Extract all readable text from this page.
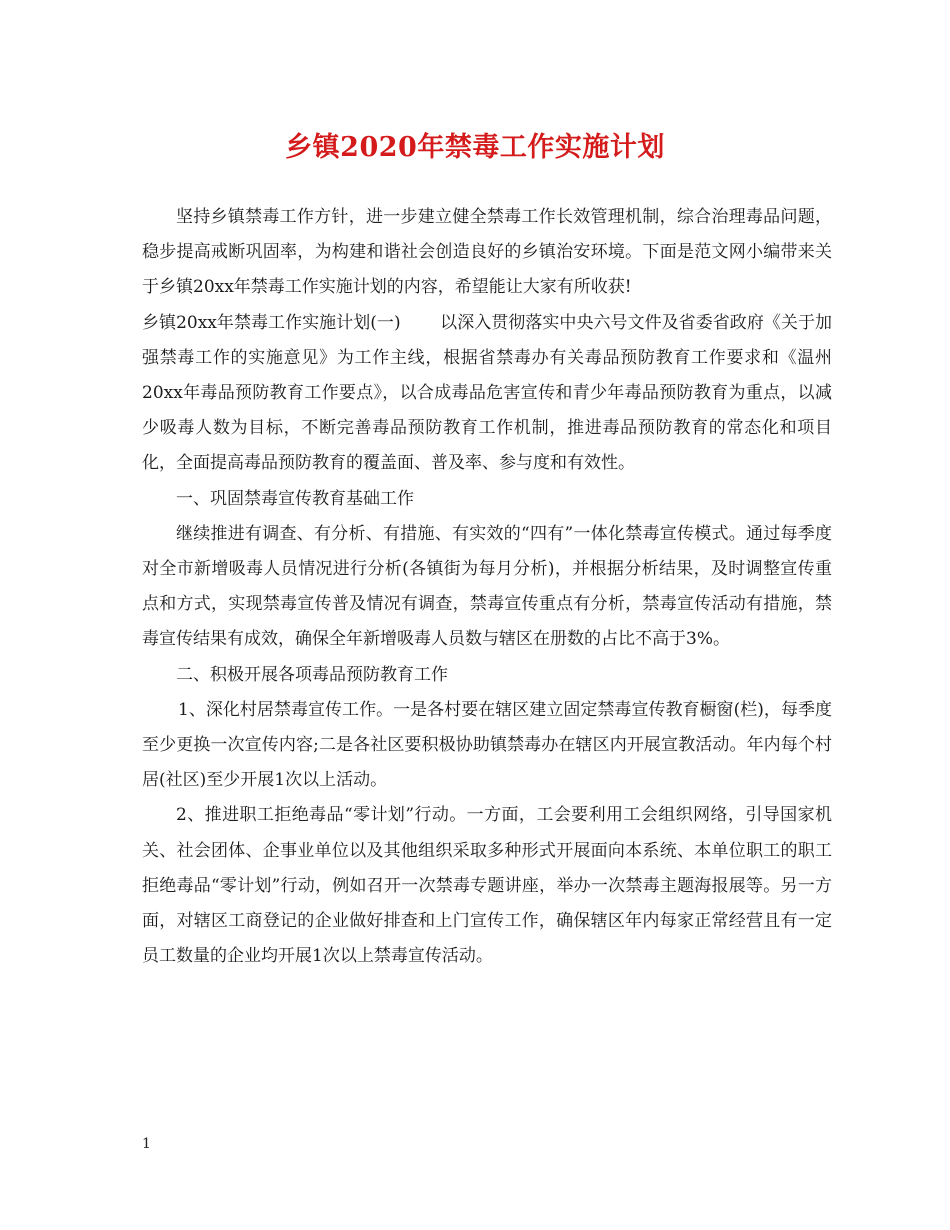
乡镇2020年禁毒工作实施计划

坚持乡镇禁毒工作方针，进一步建立健全禁毒工作长效管理机制，综合治理毒品问题，稳步提高戒断巩固率，为构建和谐社会创造良好的乡镇治安环境。下面是范文网小编带来关于乡镇20xx年禁毒工作实施计划的内容，希望能让大家有所收获!

乡镇20xx年禁毒工作实施计划(一)　　 以深入贯彻落实中央六号文件及省委省政府《关于加强禁毒工作的实施意见》为工作主线，根据省禁毒办有关毒品预防教育工作要求和《温州20xx年毒品预防教育工作要点》，以合成毒品危害宣传和青少年毒品预防教育为重点，以减少吸毒人数为目标，不断完善毒品预防教育工作机制，推进毒品预防教育的常态化和项目化，全面提高毒品预防教育的覆盖面、普及率、参与度和有效性。

一、巩固禁毒宣传教育基础工作

继续推进有调查、有分析、有措施、有实效的“四有”一体化禁毒宣传模式。通过每季度对全市新增吸毒人员情况进行分析(各镇街为每月分析)，并根据分析结果，及时调整宣传重点和方式，实现禁毒宣传普及情况有调查，禁毒宣传重点有分析，禁毒宣传活动有措施，禁毒宣传结果有成效，确保全年新增吸毒人员数与辖区在册数的占比不高于3%。

二、积极开展各项毒品预防教育工作

1、深化村居禁毒宣传工作。一是各村要在辖区建立固定禁毒宣传教育橱窗(栏)，每季度至少更换一次宣传内容;二是各社区要积极协助镇禁毒办在辖区内开展宣教活动。年内每个村居(社区)至少开展1次以上活动。

2、推进职工拒绝毒品“零计划”行动。一方面，工会要利用工会组织网络，引导国家机关、社会团体、企事业单位以及其他组织采取多种形式开展面向本系统、本单位职工的职工拒绝毒品“零计划”行动，例如召开一次禁毒专题讲座，举办一次禁毒主题海报展等。另一方面，对辖区工商登记的企业做好排查和上门宣传工作，确保辖区年内每家正常经营且有一定员工数量的企业均开展1次以上禁毒宣传活动。

1
